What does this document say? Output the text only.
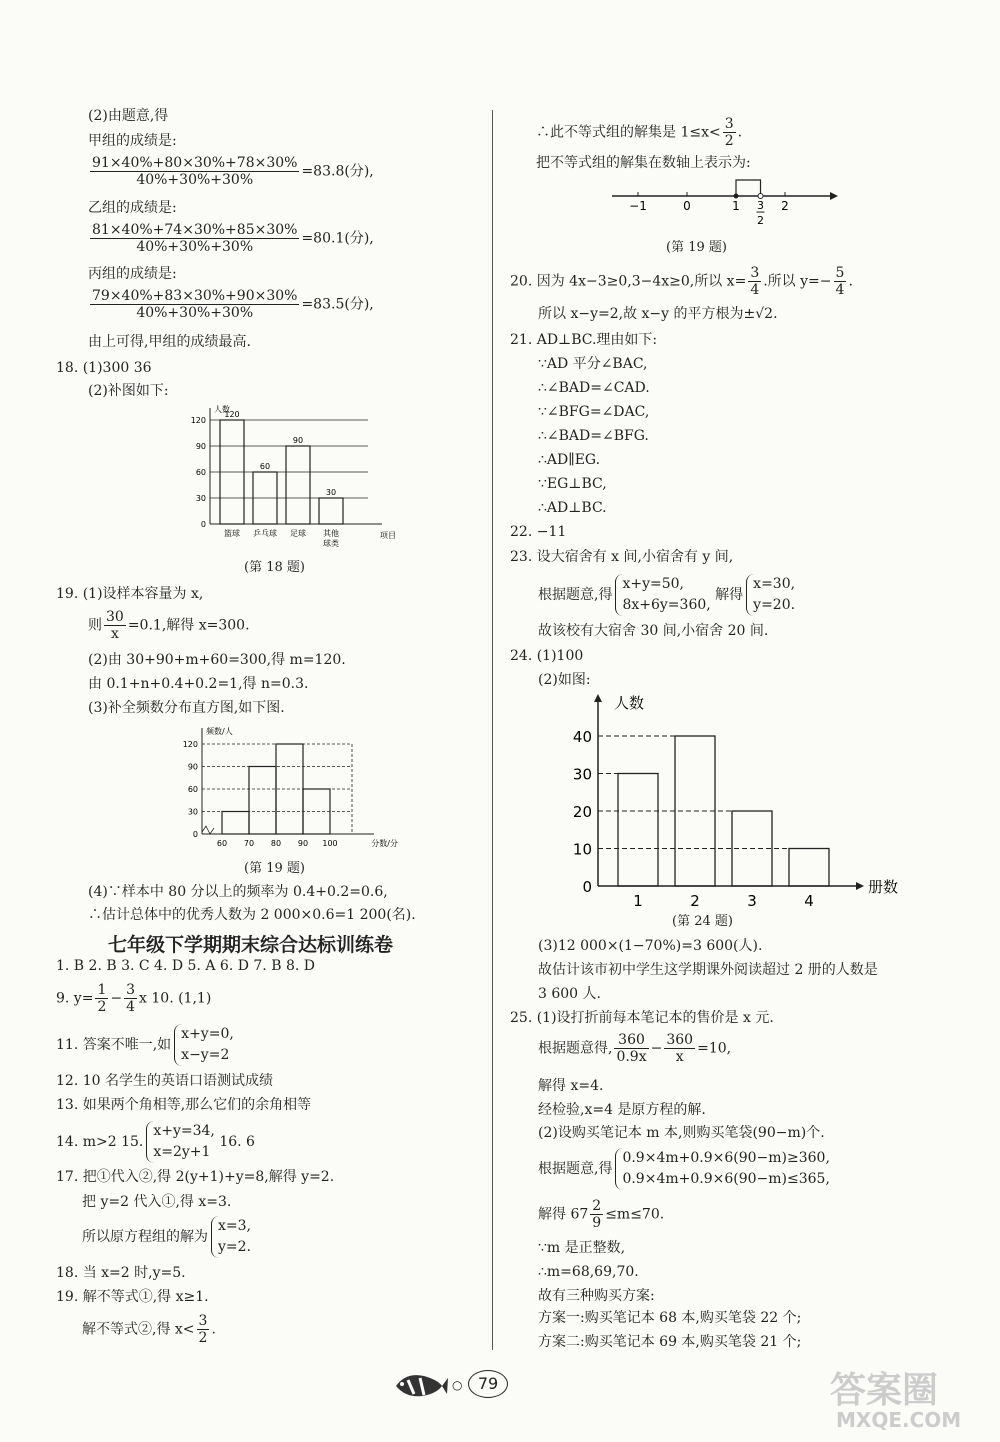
(2)由题意,得
甲组的成绩是:
$\frac{91\times 40\%+80\times 30\%+78\times 30\%}{40\%+30\%+30\%} =83.8$(分),
乙组的成绩是:
$\frac{81\times 40\%+74\times 30\%+85\times 30\%}{40\%+30\%+30\%} =80.1$(分),
丙组的成绩是:
$\frac{79\times 40\%+83\times 30\%+90\times 30\%}{40\%+30\%+30\%} =83.5$(分),
由上可得,甲组的成绩最高.
18. (1)300 36
(2)补图如下:
0
30
60
90
120
人数
项目
120
篮球
60
乒乓球
90
足球
30
其他
球类
(第 18 题)
19. (1)设样本容量为 x,
则 $\frac{30}{x} =0.1$,解得 x=300.
(2)由 30+90+m+60=300,得 m=120.
由 0.1+n+0.4+0.2=1,得 n=0.3.
(3)补全频数分布直方图,如下图.
0
30
60
90
120
频数/人
60 70 80 90 100	分数/分
(第 19 题)
(4)∵样本中 80 分以上的频率为 0.4+0.2=0.6,
∴估计总体中的优秀人数为 2 000×0.6=1 200(名).
七年级下学期期末综合达标训练卷
1. B 2. B 3. C 4. D 5. A 6. D 7. B 8. D
9. $y= \frac{1}{2} - \frac{3}{4}$ x 10. (1,1)
11. 答案不唯一,如
x+y=0,
x−y=2
12. 10 名学生的英语口语测试成绩
13. 如果两个角相等,那么它们的余角相等
14. m>2 15.
x+y=34,
x=2y+1
16. 6
17. 把①代入②,得 2(y+1)+y=8,解得 y=2.
把 y=2 代入①,得 x=3.
所以原方程组的解为
x=3,
y=2.
18. 当 x=2 时,y=5.
19. 解不等式①,得 x≥1.
解不等式②,得 $x< \frac{3}{2}$ .
∴此不等式组的解集是 $1\le x< \frac{3}{2}$ .
把不等式组的解集在数轴上表示为:
−1	0	1	2
3
2
(第 19 题)
20. 因为 4x−3≥0,3−4x≥0,所以 $x= \frac{3}{4}$ .所以 $y=- \frac{5}{4}$ .
所以 x−y=2,故 x−y 的平方根为±√2.
21. AD⊥BC.理由如下:
∵AD 平分∠BAC,
∴∠BAD=∠CAD.
∵∠BFG=∠DAC,
∴∠BAD=∠BFG.
∴AD∥EG.
∵EG⊥BC,
∴AD⊥BC.
22. −11
23. 设大宿舍有 x 间,小宿舍有 y 间,
根据题意,得
x+y=50,
8x+6y=360,
解得
x=30,
y=20.
故该校有大宿舍 30 间,小宿舍 20 间.
24. (1)100
(2)如图:
0
10
20
30
40
人数
册数
1	2	3	4
(第 24 题)
(3)12 000×(1−70%)=3 600(人).
故估计该市初中学生这学期课外阅读超过 2 册的人数是
3 600 人.
25. (1)设打折前每本笔记本的售价是 x 元.
根据题意得, $\frac{360}{0.9x} - \frac{360}{x} =10$,
解得 x=4.
经检验,x=4 是原方程的解.
(2)设购买笔记本 m 本,则购买笔袋(90−m)个.
根据题意,得
0.9×4m+0.9×6(90−m)≥360,
0.9×4m+0.9×6(90−m)≤365,
解得 $67 \frac{2}{9} \le m\le 70$.
∵m 是正整数,
∴m=68,69,70.
故有三种购买方案:
方案一:购买笔记本 68 本,购买笔袋 22 个;
方案二:购买笔记本 69 本,购买笔袋 21 个;
○ 79	答案圈
MXQE.COM
